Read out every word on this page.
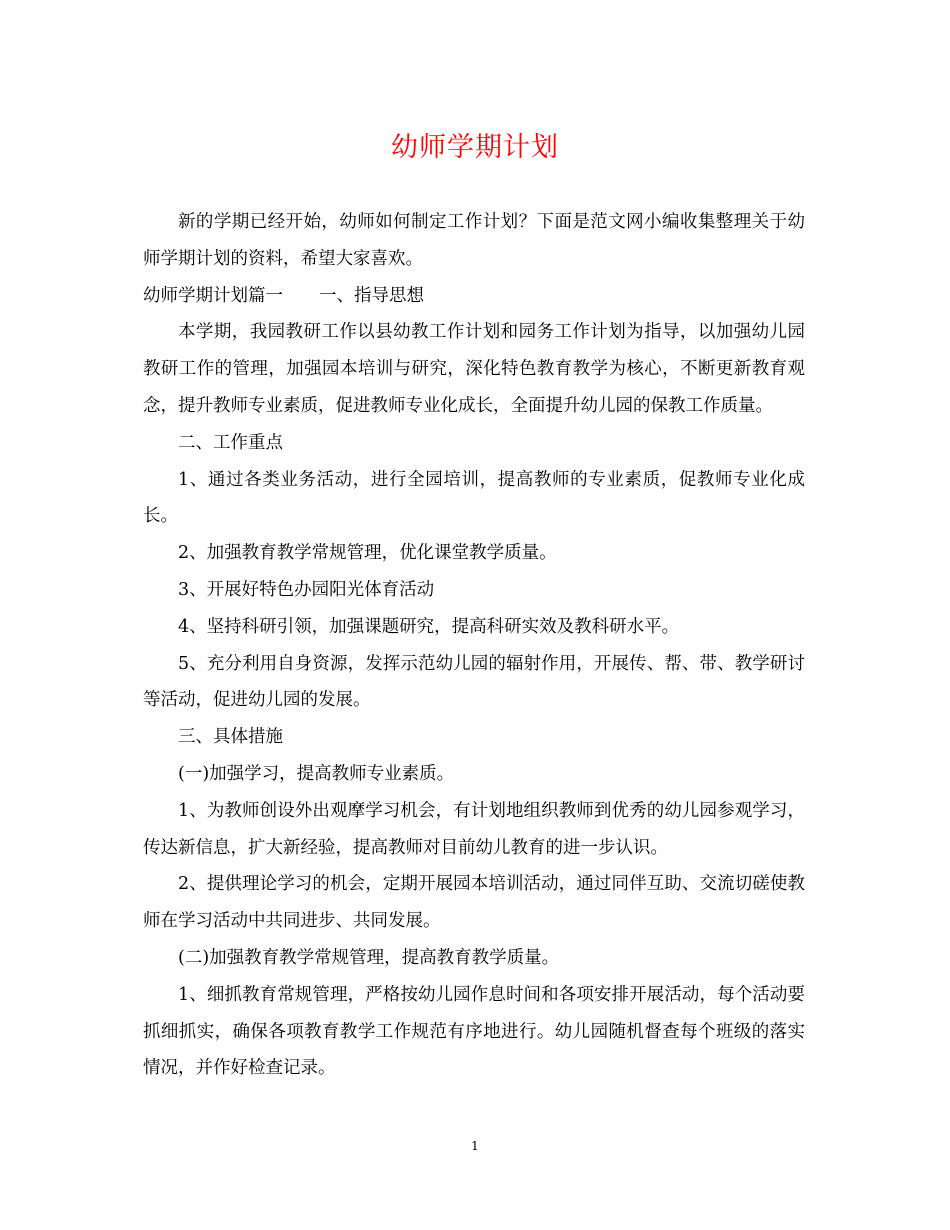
幼师学期计划

新的学期已经开始，幼师如何制定工作计划？下面是范文网小编收集整理关于幼师学期计划的资料，希望大家喜欢。

幼师学期计划篇一 一、指导思想

本学期，我园教研工作以县幼教工作计划和园务工作计划为指导，以加强幼儿园教研工作的管理，加强园本培训与研究，深化特色教育教学为核心，不断更新教育观念，提升教师专业素质，促进教师专业化成长，全面提升幼儿园的保教工作质量。

二、工作重点

1、通过各类业务活动，进行全园培训，提高教师的专业素质，促教师专业化成长。

2、加强教育教学常规管理，优化课堂教学质量。

3、开展好特色办园阳光体育活动

4、坚持科研引领，加强课题研究，提高科研实效及教科研水平。

5、充分利用自身资源，发挥示范幼儿园的辐射作用，开展传、帮、带、教学研讨等活动，促进幼儿园的发展。

三、具体措施

(一)加强学习，提高教师专业素质。

1、为教师创设外出观摩学习机会，有计划地组织教师到优秀的幼儿园参观学习，传达新信息，扩大新经验，提高教师对目前幼儿教育的进一步认识。

2、提供理论学习的机会，定期开展园本培训活动，通过同伴互助、交流切磋使教师在学习活动中共同进步、共同发展。

(二)加强教育教学常规管理，提高教育教学质量。

1、细抓教育常规管理，严格按幼儿园作息时间和各项安排开展活动，每个活动要抓细抓实，确保各项教育教学工作规范有序地进行。幼儿园随机督查每个班级的落实情况，并作好检查记录。

1
